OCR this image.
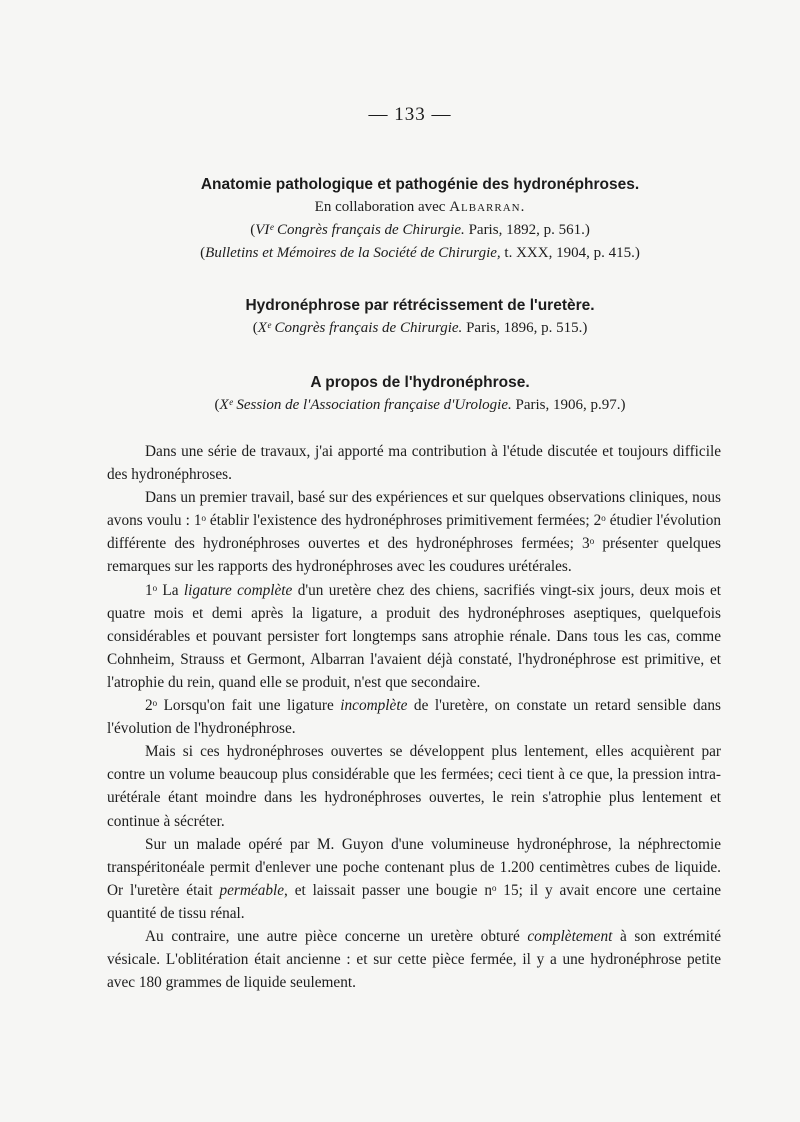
— 133 —

Anatomie pathologique et pathogénie des hydronéphroses.

En collaboration avec Albarran.

(VIᵉ Congrès français de Chirurgie. Paris, 1892, p. 561.)

(Bulletins et Mémoires de la Société de Chirurgie, t. XXX, 1904, p. 415.)

Hydronéphrose par rétrécissement de l'uretère.

(Xᵉ Congrès français de Chirurgie. Paris, 1896, p. 515.)

A propos de l'hydronéphrose.

(Xᵉ Session de l'Association française d'Urologie. Paris, 1906, p.97.)

Dans une série de travaux, j'ai apporté ma contribution à l'étude discutée et toujours difficile des hydronéphroses.

Dans un premier travail, basé sur des expériences et sur quelques observations cliniques, nous avons voulu : 1ᵒ établir l'existence des hydronéphroses primitivement fermées; 2ᵒ étudier l'évolution différente des hydronéphroses ouvertes et des hydronéphroses fermées; 3ᵒ présenter quelques remarques sur les rapports des hydronéphroses avec les coudures urétérales.

1ᵒ La ligature complète d'un uretère chez des chiens, sacrifiés vingt-six jours, deux mois et quatre mois et demi après la ligature, a produit des hydronéphroses aseptiques, quelquefois considérables et pouvant persister fort longtemps sans atrophie rénale. Dans tous les cas, comme Cohnheim, Strauss et Germont, Albarran l'avaient déjà constaté, l'hydronéphrose est primitive, et l'atrophie du rein, quand elle se produit, n'est que secondaire.

2ᵒ Lorsqu'on fait une ligature incomplète de l'uretère, on constate un retard sensible dans l'évolution de l'hydronéphrose.

Mais si ces hydronéphroses ouvertes se développent plus lentement, elles acquièrent par contre un volume beaucoup plus considérable que les fermées; ceci tient à ce que, la pression intra-urétérale étant moindre dans les hydronéphroses ouvertes, le rein s'atrophie plus lentement et continue à sécréter.

Sur un malade opéré par M. Guyon d'une volumineuse hydronéphrose, la néphrectomie transpéritonéale permit d'enlever une poche contenant plus de 1.200 centimètres cubes de liquide. Or l'uretère était perméable, et laissait passer une bougie nᵒ 15; il y avait encore une certaine quantité de tissu rénal.

Au contraire, une autre pièce concerne un uretère obturé complètement à son extrémité vésicale. L'oblitération était ancienne : et sur cette pièce fermée, il y a une hydronéphrose petite avec 180 grammes de liquide seulement.
